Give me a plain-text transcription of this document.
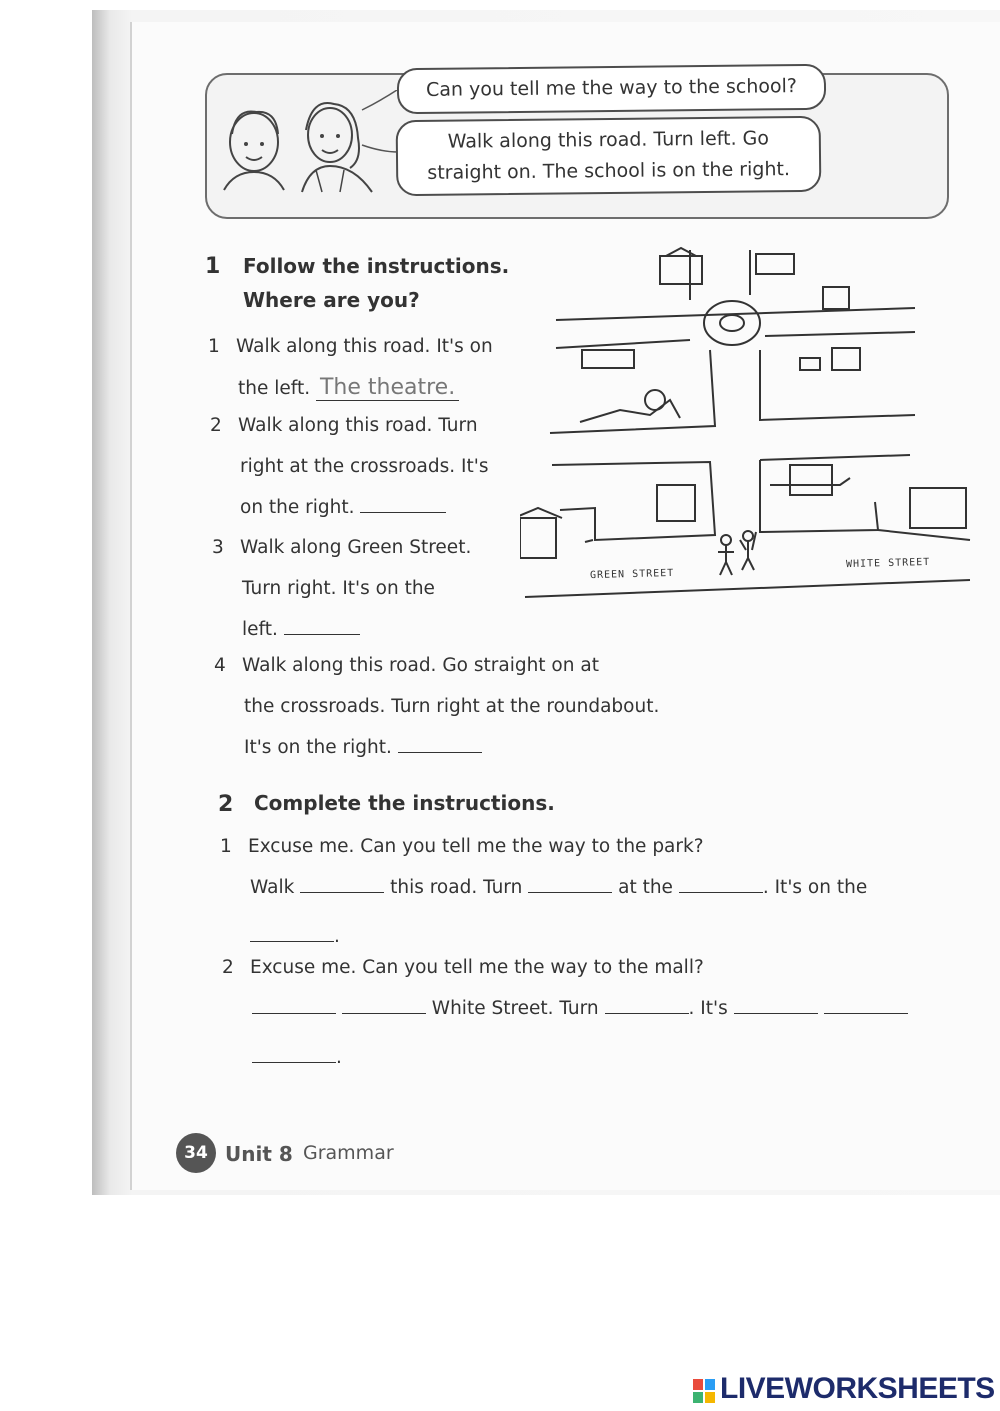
Can you tell me the way to the school?
Walk along this road. Turn left. Go
straight on. The school is on the right.
1 Follow the instructions.
Where are you?
1 Walk along this road. It's on
the left. The theatre.
2 Walk along this road. Turn
right at the crossroads. It's
on the right.
3 Walk along Green Street.
Turn right. It's on the
left.
4 Walk along this road. Go straight on at
the crossroads. Turn right at the roundabout.
It's on the right.
GREEN STREET
WHITE STREET
2 Complete the instructions.
1 Excuse me. Can you tell me the way to the park?
Walk	this road. Turn	at the	. It's on the
.
2 Excuse me. Can you tell me the way to the mall?
White Street. Turn	. It's
.
34 Unit 8 Grammar
LIVEWORKSHEETS
